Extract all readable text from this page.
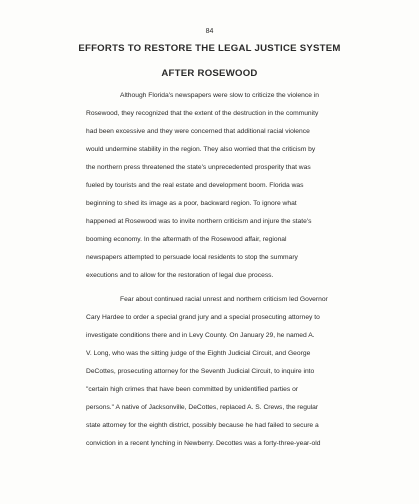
84
EFFORTS TO RESTORE THE LEGAL JUSTICE SYSTEM
AFTER ROSEWOOD
Although Florida's newspapers were slow to criticize the violence in
Rosewood, they recognized that the extent of the destruction in the community
had been excessive and they were concerned that additional racial violence
would undermine stability in the region. They also worried that the criticism by
the northern press threatened the state's unprecedented prosperity that was
fueled by tourists and the real estate and development boom. Florida was
beginning to shed its image as a poor, backward region. To ignore what
happened at Rosewood was to invite northern criticism and injure the state's
booming economy. In the aftermath of the Rosewood affair, regional
newspapers attempted to persuade local residents to stop the summary
executions and to allow for the restoration of legal due process.
Fear about continued racial unrest and northern criticism led Governor
Cary Hardee to order a special grand jury and a special prosecuting attorney to
investigate conditions there and in Levy County. On January 29, he named A.
V. Long, who was the sitting judge of the Eighth Judicial Circuit, and George
DeCottes, prosecuting attorney for the Seventh Judicial Circuit, to inquire into
"certain high crimes that have been committed by unidentified parties or
persons." A native of Jacksonville, DeCottes, replaced A. S. Crews, the regular
state attorney for the eighth district, possibly because he had failed to secure a
conviction in a recent lynching in Newberry. Decottes was a forty-three-year-old
